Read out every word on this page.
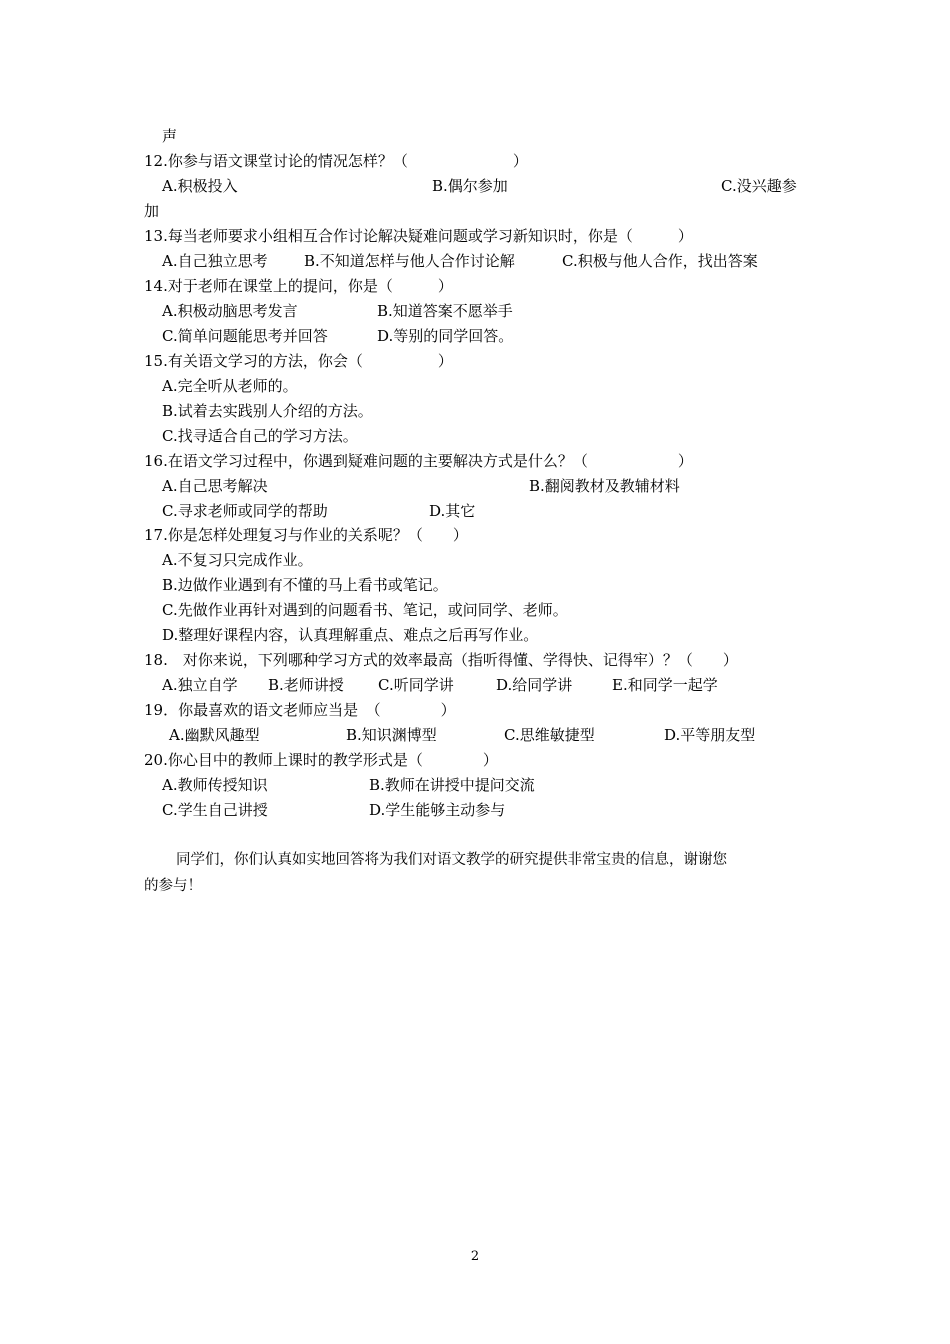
声
12.你参与语文课堂讨论的情况怎样？（　　　　　　　）
A.积极投入	B.偶尔参加	C.没兴趣参
加
13.每当老师要求小组相互合作讨论解决疑难问题或学习新知识时，你是（　　　）
A.自己独立思考 B.不知道怎样与他人合作讨论解	C.积极与他人合作，找出答案
14.对于老师在课堂上的提问，你是（　　　）
A.积极动脑思考发言	B.知道答案不愿举手
C.简单问题能思考并回答	D.等别的同学回答。
15.有关语文学习的方法，你会（　　　　　）
A.完全听从老师的。
B.试着去实践别人介绍的方法。
C.找寻适合自己的学习方法。
16.在语文学习过程中，你遇到疑难问题的主要解决方式是什么？（　　　　　　）
A.自己思考解决	B.翻阅教材及教辅材料
C.寻求老师或同学的帮助	D.其它
17.你是怎样处理复习与作业的关系呢？（　　）
A.不复习只完成作业。
B.边做作业遇到有不懂的马上看书或笔记。
C.先做作业再针对遇到的问题看书、笔记，或问同学、老师。
D.整理好课程内容，认真理解重点、难点之后再写作业。
18.　对你来说，下列哪种学习方式的效率最高（指听得懂、学得快、记得牢）？（　　）
A.独立自学 B.老师讲授 C.听同学讲	D.给同学讲	E.和同学一起学
19．你最喜欢的语文老师应当是　（　　　　）
A.幽默风趣型	B.知识渊博型	C.思维敏捷型	D.平等朋友型
20.你心目中的教师上课时的教学形式是（　　　　）
A.教师传授知识	B.教师在讲授中提问交流
C.学生自己讲授	D.学生能够主动参与
同学们，你们认真如实地回答将为我们对语文教学的研究提供非常宝贵的信息，谢谢您
的参与！
2
